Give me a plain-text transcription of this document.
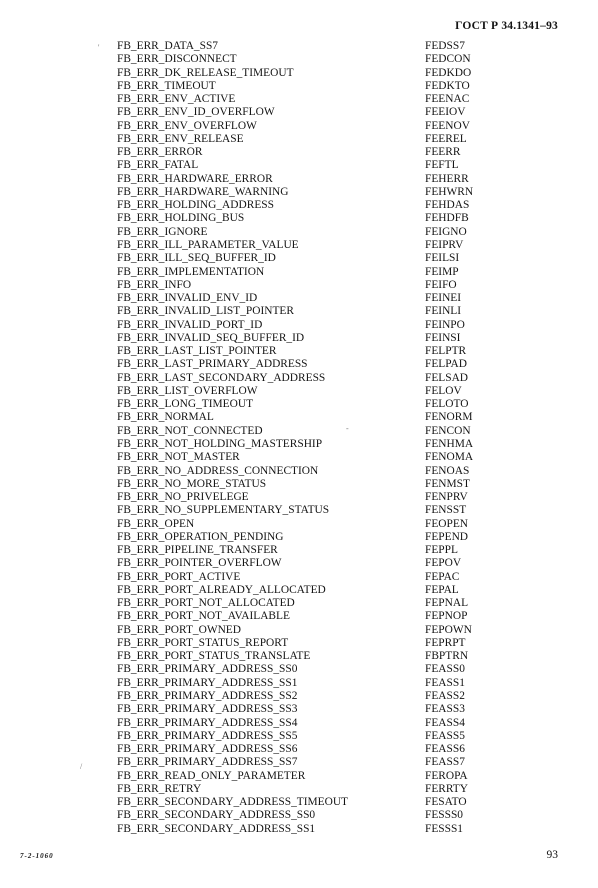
ГОСТ Р 34.1341–93
'
-
/
FB_ERR_DATA_SS7	FEDSS7
FB_ERR_DISCONNECT	FEDCON
FB_ERR_DK_RELEASE_TIMEOUT	FEDKDO
FB_ERR_TIMEOUT	FEDKTO
FB_ERR_ENV_ACTIVE	FEENAC
FB_ERR_ENV_ID_OVERFLOW	FEEIOV
FB_ERR_ENV_OVERFLOW	FEENOV
FB_ERR_ENV_RELEASE	FEEREL
FB_ERR_ERROR	FEERR
FB_ERR_FATAL	FEFTL
FB_ERR_HARDWARE_ERROR	FEHERR
FB_ERR_HARDWARE_WARNING	FEHWRN
FB_ERR_HOLDING_ADDRESS	FEHDAS
FB_ERR_HOLDING_BUS	FEHDFB
FB_ERR_IGNORE	FEIGNO
FB_ERR_ILL_PARAMETER_VALUE	FEIPRV
FB_ERR_ILL_SEQ_BUFFER_ID	FEILSI
FB_ERR_IMPLEMENTATION	FEIMP
FB_ERR_INFO	FEIFO
FB_ERR_INVALID_ENV_ID	FEINEI
FB_ERR_INVALID_LIST_POINTER	FEINLI
FB_ERR_INVALID_PORT_ID	FEINPO
FB_ERR_INVALID_SEQ_BUFFER_ID	FEINSI
FB_ERR_LAST_LIST_POINTER	FELPTR
FB_ERR_LAST_PRIMARY_ADDRESS	FELPAD
FB_ERR_LAST_SECONDARY_ADDRESS	FELSAD
FB_ERR_LIST_OVERFLOW	FELOV
FB_ERR_LONG_TIMEOUT	FELOTO
FB_ERR_NORMAL	FENORM
FB_ERR_NOT_CONNECTED	FENCON
FB_ERR_NOT_HOLDING_MASTERSHIP	FENHMA
FB_ERR_NOT_MASTER	FENOMA
FB_ERR_NO_ADDRESS_CONNECTION	FENOAS
FB_ERR_NO_MORE_STATUS	FENMST
FB_ERR_NO_PRIVELEGE	FENPRV
FB_ERR_NO_SUPPLEMENTARY_STATUS	FENSST
FB_ERR_OPEN	FEOPEN
FB_ERR_OPERATION_PENDING	FEPEND
FB_ERR_PIPELINE_TRANSFER	FEPPL
FB_ERR_POINTER_OVERFLOW	FEPOV
FB_ERR_PORT_ACTIVE	FEPAC
FB_ERR_PORT_ALREADY_ALLOCATED	FEPAL
FB_ERR_PORT_NOT_ALLOCATED	FEPNAL
FB_ERR_PORT_NOT_AVAILABLE	FEPNOP
FB_ERR_PORT_OWNED	FEPOWN
FB_ERR_PORT_STATUS_REPORT	FEPRPT
FB_ERR_PORT_STATUS_TRANSLATE	FBPTRN
FB_ERR_PRIMARY_ADDRESS_SS0	FEASS0
FB_ERR_PRIMARY_ADDRESS_SS1	FEASS1
FB_ERR_PRIMARY_ADDRESS_SS2	FEASS2
FB_ERR_PRIMARY_ADDRESS_SS3	FEASS3
FB_ERR_PRIMARY_ADDRESS_SS4	FEASS4
FB_ERR_PRIMARY_ADDRESS_SS5	FEASS5
FB_ERR_PRIMARY_ADDRESS_SS6	FEASS6
FB_ERR_PRIMARY_ADDRESS_SS7	FEASS7
FB_ERR_READ_ONLY_PARAMETER	FEROPA
FB_ERR_RETRY	FERRTY
FB_ERR_SECONDARY_ADDRESS_TIMEOUT	FESATO
FB_ERR_SECONDARY_ADDRESS_SS0	FESSS0
FB_ERR_SECONDARY_ADDRESS_SS1	FESSS1
7-2-1060	93
